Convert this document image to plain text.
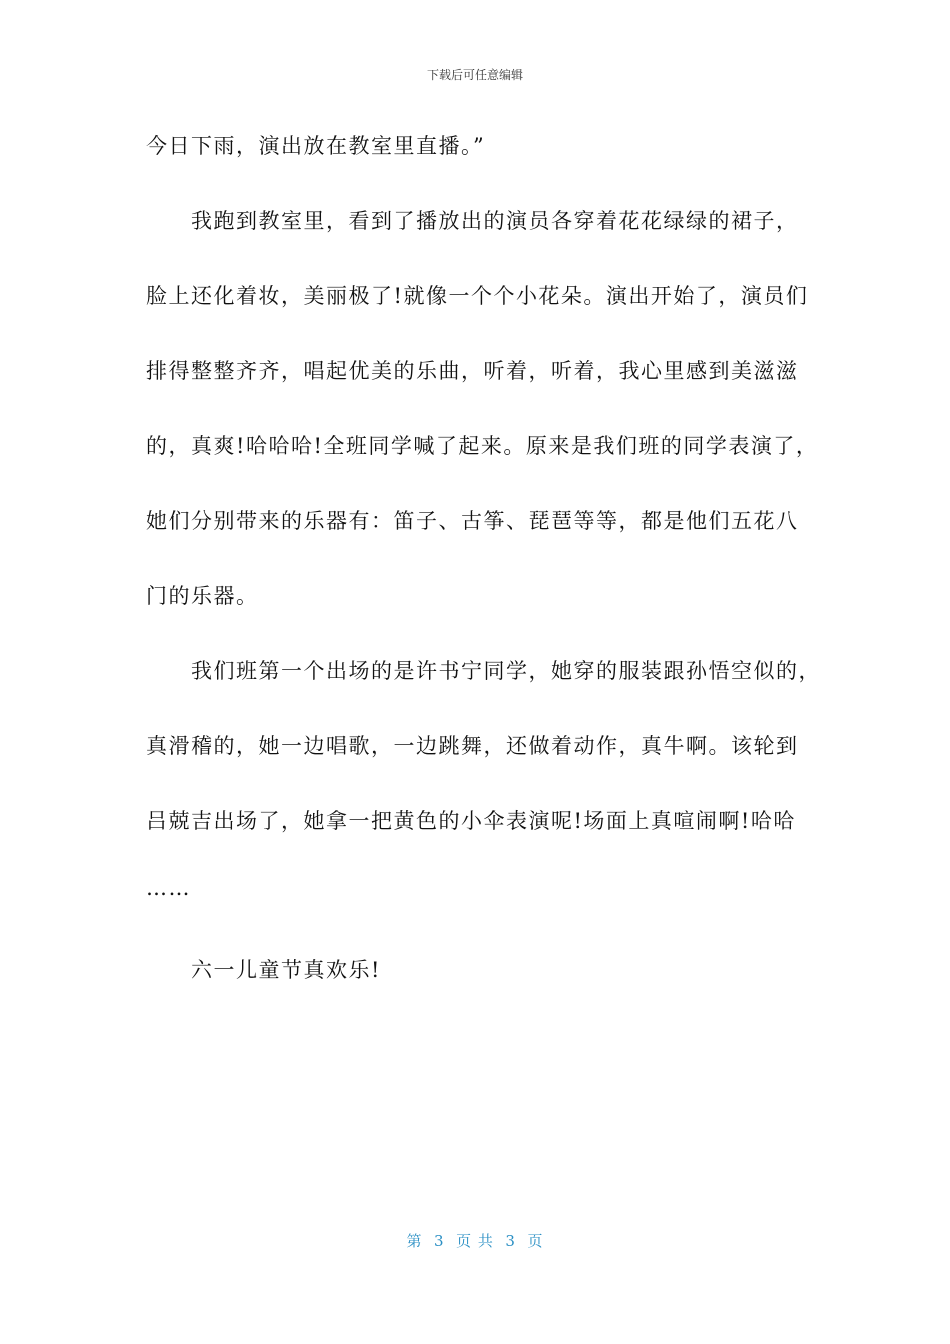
下载后可任意编辑
今日下雨，演出放在教室里直播。”
　　我跑到教室里，看到了播放出的演员各穿着花花绿绿的裙子，
脸上还化着妆，美丽极了!就像一个个小花朵。演出开始了，演员们
排得整整齐齐，唱起优美的乐曲，听着，听着，我心里感到美滋滋
的，真爽!哈哈哈!全班同学喊了起来。原来是我们班的同学表演了，
她们分别带来的乐器有：笛子、古筝、琵琶等等，都是他们五花八
门的乐器。
　　我们班第一个出场的是许书宁同学，她穿的服装跟孙悟空似的，
真滑稽的，她一边唱歌，一边跳舞，还做着动作，真牛啊。该轮到
吕兢吉出场了，她拿一把黄色的小伞表演呢!场面上真喧闹啊!哈哈
……
　　六一儿童节真欢乐!
第  3  页 共  3  页
